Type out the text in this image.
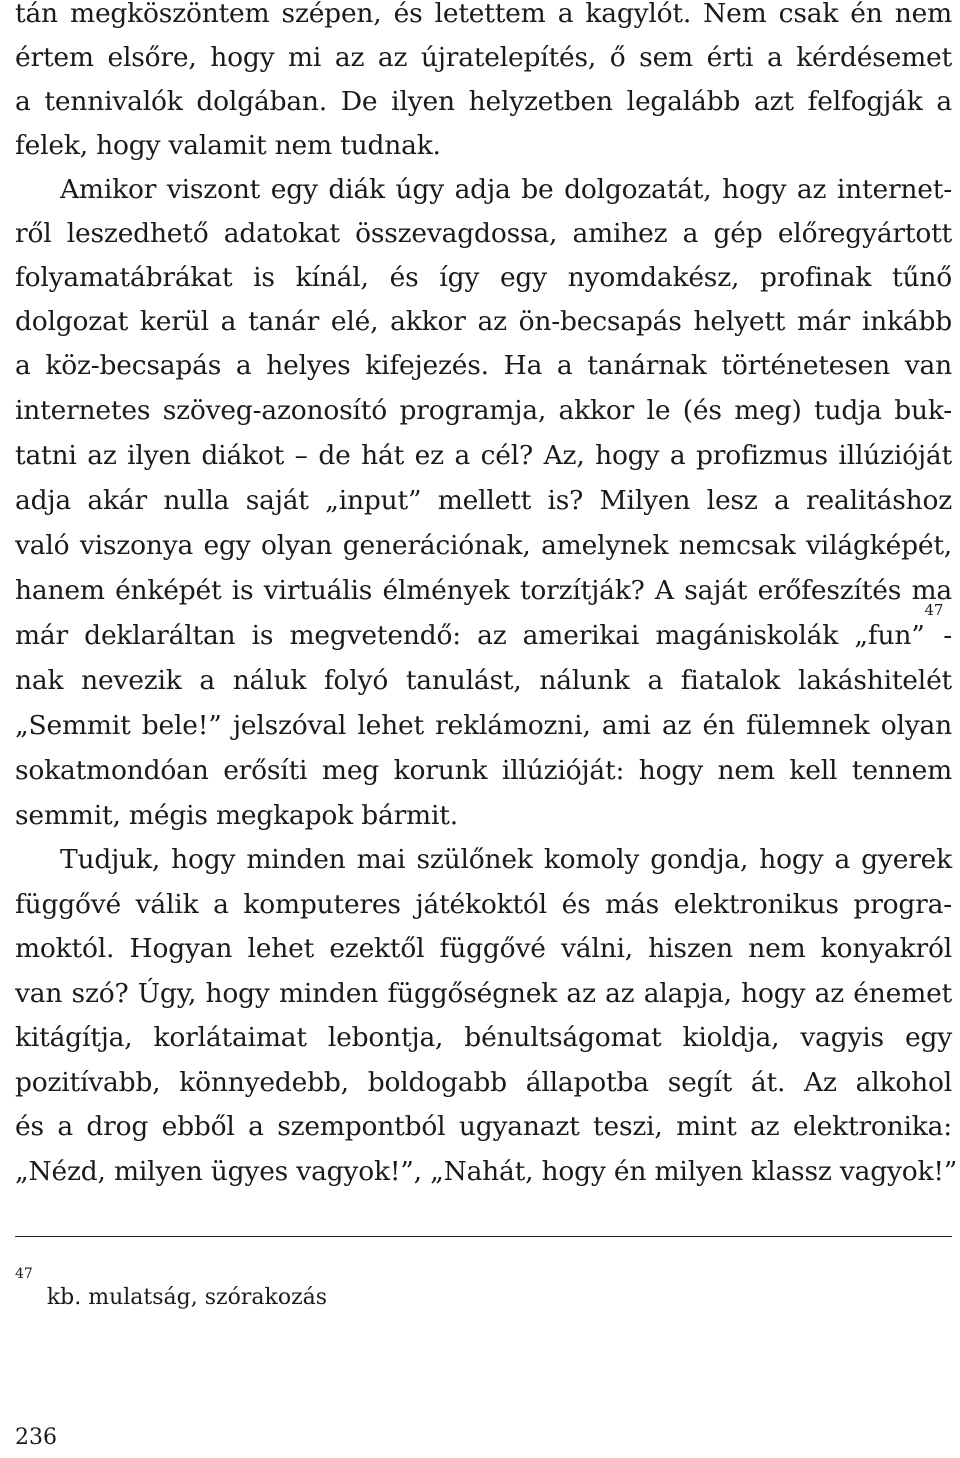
tán megköszöntem szépen, és letettem a kagylót. Nem csak én nem
értem elsőre, hogy mi az az újratelepítés, ő sem érti a kérdésemet
a tennivalók dolgában. De ilyen helyzetben legalább azt felfogják a
felek, hogy valamit nem tudnak.
Amikor viszont egy diák úgy adja be dolgozatát, hogy az internet-
ről leszedhető adatokat összevagdossa, amihez a gép előregyártott
folyamatábrákat is kínál, és így egy nyomdakész, profinak tűnő
dolgozat kerül a tanár elé, akkor az ön-becsapás helyett már inkább
a köz-becsapás a helyes kifejezés. Ha a tanárnak történetesen van
internetes szöveg-azonosító programja, akkor le (és meg) tudja buk-
tatni az ilyen diákot – de hát ez a cél? Az, hogy a profizmus illúzióját
adja akár nulla saját „input” mellett is? Milyen lesz a realitáshoz
való viszonya egy olyan generációnak, amelynek nemcsak világképét,
hanem énképét is virtuális élmények torzítják? A saját erőfeszítés ma
már deklaráltan is megvetendő: az amerikai magániskolák „fun”
$^{47}$
-
nak nevezik a náluk folyó tanulást, nálunk a fiatalok lakáshitelét
„Semmit bele!” jelszóval lehet reklámozni, ami az én fülemnek olyan
sokatmondóan erősíti meg korunk illúzióját: hogy nem kell tennem
semmit, mégis megkapok bármit.
Tudjuk, hogy minden mai szülőnek komoly gondja, hogy a gyerek
függővé válik a komputeres játékoktól és más elektronikus progra-
moktól. Hogyan lehet ezektől függővé válni, hiszen nem konyakról
van szó? Úgy, hogy minden függőségnek az az alapja, hogy az énemet
kitágítja, korlátaimat lebontja, bénultságomat kioldja, vagyis egy
pozitívabb, könnyedebb, boldogabb állapotba segít át. Az alkohol
és a drog ebből a szempontból ugyanazt teszi, mint az elektronika:
„Nézd, milyen ügyes vagyok!”, „Nahát, hogy én milyen klassz vagyok!”
$^{47}$kb. mulatság, szórakozás
236
